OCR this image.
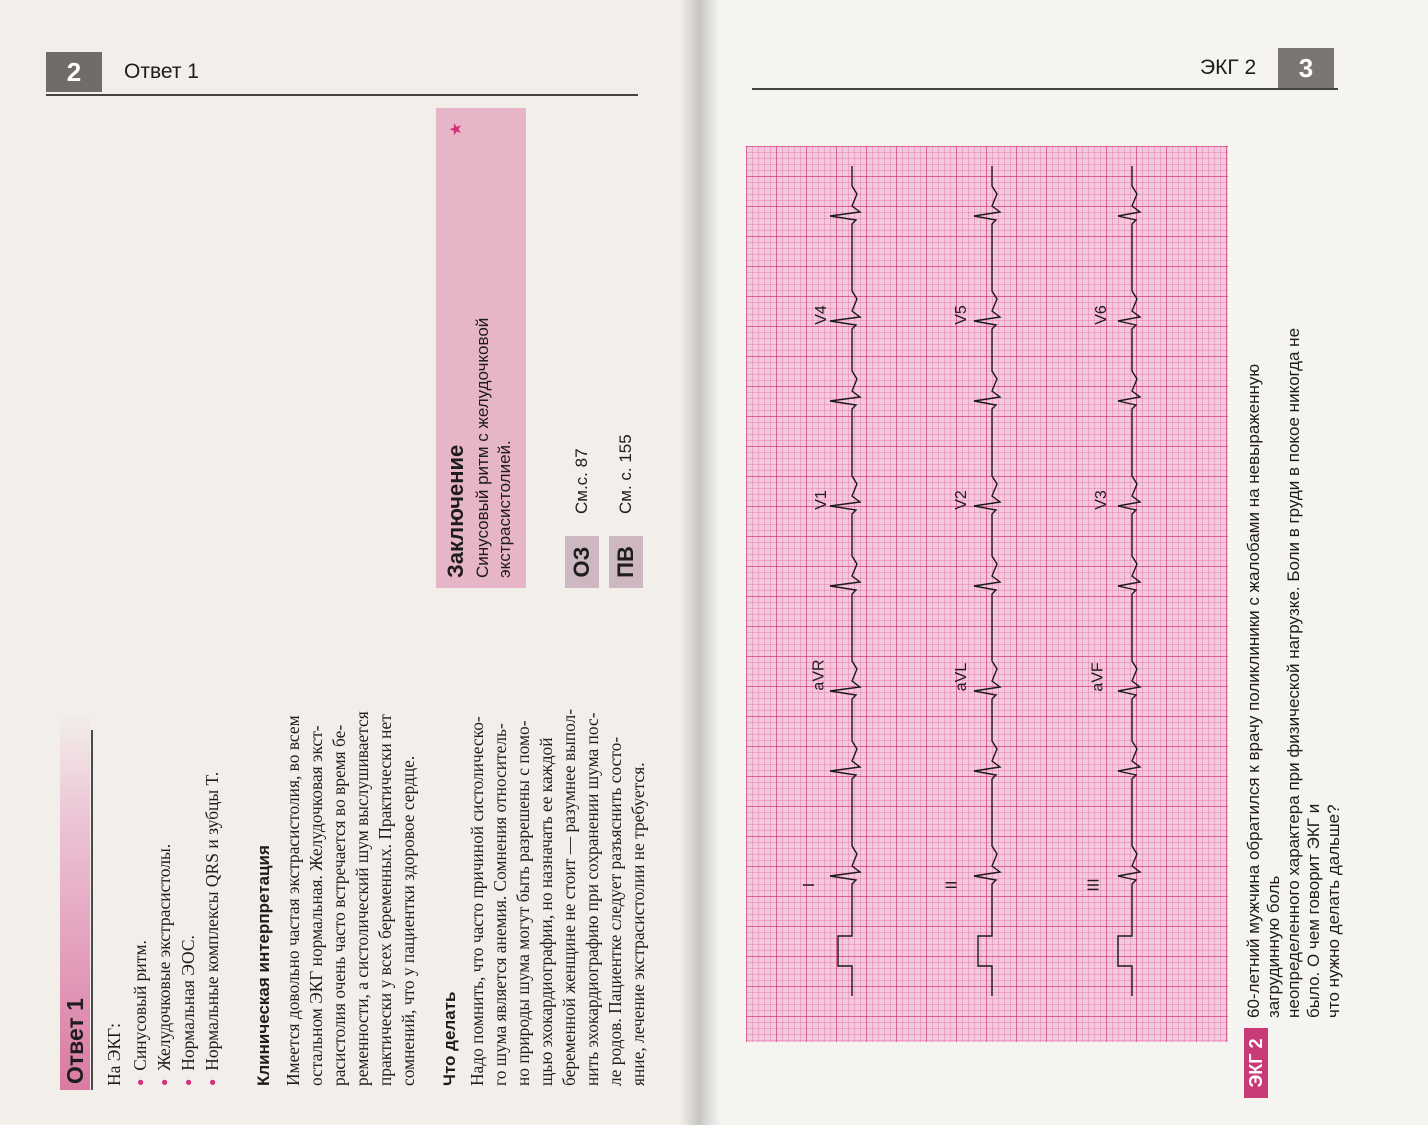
2	Ответ 1
Ответ 1 На ЭКГ: ● Синусовый ритм. ● Желудочковые экстрасистолы. ● Нормальная ЭОС. ● Нормальные комплексы QRS и зубцы T. Клиническая интерпретация Имеется довольно частая экстрасистолия, во всем остальном ЭКГ нормальная. Желудочковая экст- расистолия очень часто встречается во время бе- ременности, а систолический шум выслушивается практически у всех беременных. Практически нет сомнений, что у пациентки здоровое сердце. Что делать Надо помнить, что часто причиной систолическо- го шума является анемия. Сомнения относитель- но природы шума могут быть разрешены с помо- щью эхокардиографии, но назначать ее каждой беременной женщине не стоит — разумнее выпол- нить эхокардиографию при сохранении шума пос- ле родов. Пациентке следует разъяснить состо- яние, лечение экстрасистолии не требуется.
Заключение Синусовый ритм с желудочковой экстрасистолией.
★
ОЗ
См.с. 87
ПВ
См. с. 155
ЭКГ 2	3
I
aVR
V1
V4
II
aVL
V2
V5
III
aVF
V3
V6
ЭКГ 2
60-летний мужчина обратился к врачу поликлиники с жалобами на невыраженную загрудинную боль неопределенного характера при физической нагрузке. Боли в груди в покое никогда не было. О чем говорит ЭКГ и что нужно делать дальше?
